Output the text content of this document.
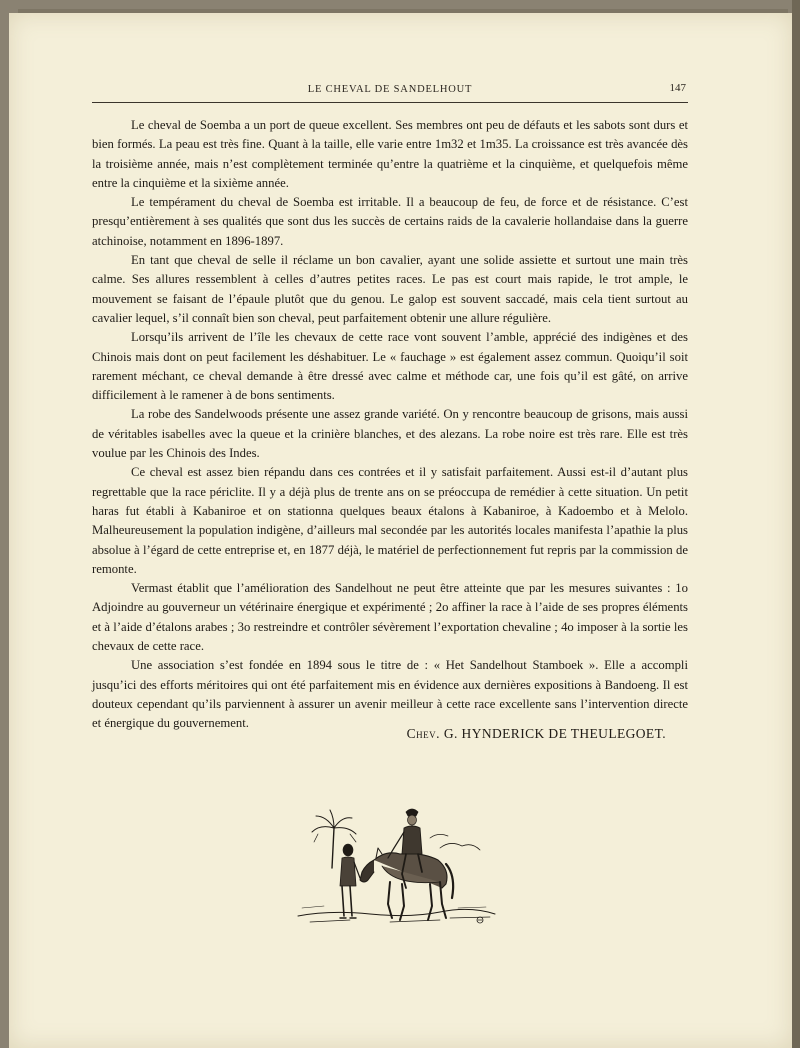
LE CHEVAL DE SANDELHOUT	147

Le cheval de Soemba a un port de queue excellent. Ses membres ont peu de défauts et les sabots sont durs et bien formés. La peau est très fine. Quant à la taille, elle varie entre 1m32 et 1m35. La croissance est très avancée dès la troisième année, mais n’est complètement terminée qu’entre la quatrième et la cinquième, et quelquefois même entre la cinquième et la sixième année.

Le tempérament du cheval de Soemba est irritable. Il a beaucoup de feu, de force et de résistance. C’est presqu’entièrement à ses qualités que sont dus les succès de certains raids de la cavalerie hollandaise dans la guerre atchinoise, notamment en 1896-1897.

En tant que cheval de selle il réclame un bon cavalier, ayant une solide assiette et surtout une main très calme. Ses allures ressemblent à celles d’autres petites races. Le pas est court mais rapide, le trot ample, le mouvement se faisant de l’épaule plutôt que du genou. Le galop est souvent saccadé, mais cela tient surtout au cavalier lequel, s’il connaît bien son cheval, peut parfaitement obtenir une allure régulière.

Lorsqu’ils arrivent de l’île les chevaux de cette race vont souvent l’amble, apprécié des indigènes et des Chinois mais dont on peut facilement les déshabituer. Le « fauchage » est également assez commun. Quoiqu’il soit rarement méchant, ce cheval demande à être dressé avec calme et méthode car, une fois qu’il est gâté, on arrive difficilement à le ramener à de bons sentiments.

La robe des Sandelwoods présente une assez grande variété. On y rencontre beaucoup de grisons, mais aussi de véritables isabelles avec la queue et la crinière blanches, et des alezans. La robe noire est très rare. Elle est très voulue par les Chinois des Indes.

Ce cheval est assez bien répandu dans ces contrées et il y satisfait parfaitement. Aussi est-il d’autant plus regrettable que la race périclite. Il y a déjà plus de trente ans on se préoccupa de remédier à cette situation. Un petit haras fut établi à Kabaniroe et on stationna quelques beaux étalons à Kabaniroe, à Kadoembo et à Melolo. Malheureusement la population indigène, d’ailleurs mal secondée par les autorités locales manifesta l’apathie la plus absolue à l’égard de cette entreprise et, en 1877 déjà, le matériel de perfectionnement fut repris par la commission de remonte.

Vermast établit que l’amélioration des Sandelhout ne peut être atteinte que par les mesures suivantes : 1o Adjoindre au gouverneur un vétérinaire énergique et expérimenté ; 2o affiner la race à l’aide de ses propres éléments et à l’aide d’étalons arabes ; 3o restreindre et contrôler sévèrement l’exportation chevaline ; 4o imposer à la sortie les chevaux de cette race.

Une association s’est fondée en 1894 sous le titre de : « Het Sandelhout Stamboek ». Elle a accompli jusqu’ici des efforts méritoires qui ont été parfaitement mis en évidence aux dernières expositions à Bandoeng. Il est douteux cependant qu’ils parviennent à assurer un avenir meilleur à cette race excellente sans l’intervention directe et énergique du gouvernement.

Chev. G. HYNDERICK DE THEULEGOET.
